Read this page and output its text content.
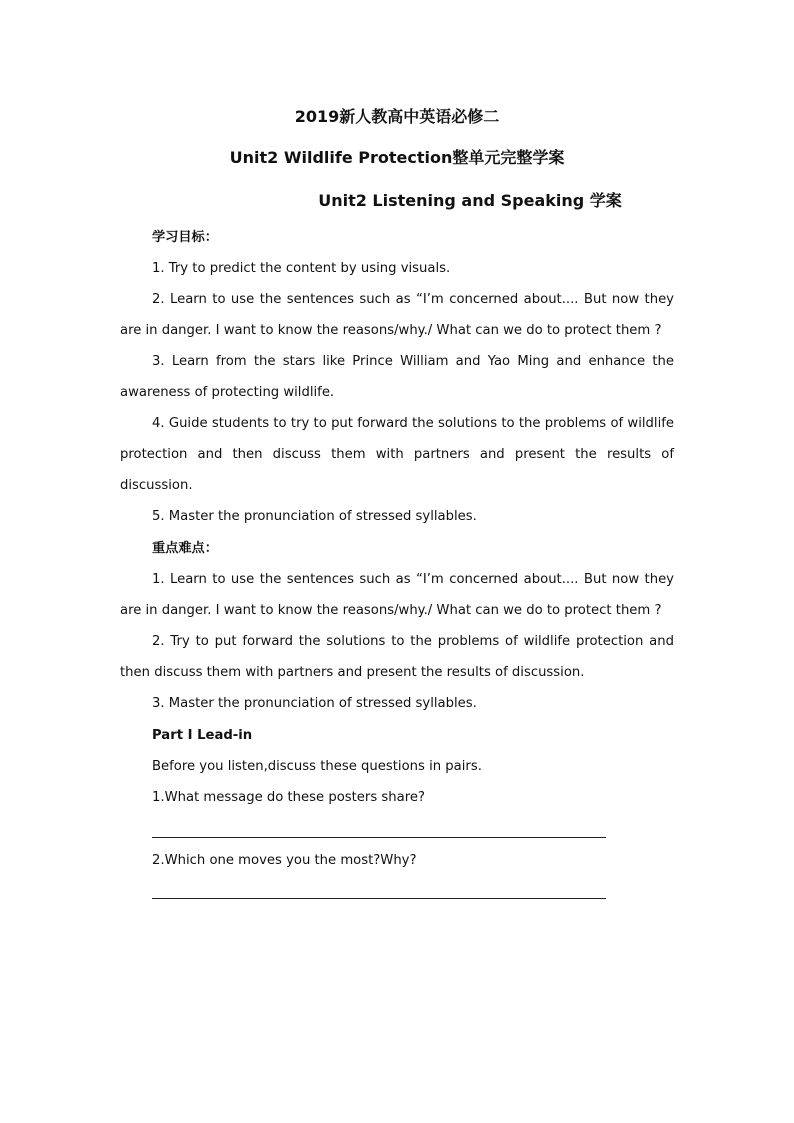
2019新人教高中英语必修二
Unit2 Wildlife Protection整单元完整学案
Unit2 Listening and Speaking 学案

学习目标：

1. Try to predict the content by using visuals.

2. Learn to use the sentences such as “I’m concerned about.... But now they are in danger. I want to know the reasons/why./ What can we do to protect them ?

3. Learn from the stars like Prince William and Yao Ming and enhance the awareness of protecting wildlife.

4. Guide students to try to put forward the solutions to the problems of wildlife protection and then discuss them with partners and present the results of discussion.

5. Master the pronunciation of stressed syllables.

重点难点：

1. Learn to use the sentences such as “I’m concerned about.... But now they are in danger. I want to know the reasons/why./ What can we do to protect them ?

2. Try to put forward the solutions to the problems of wildlife protection and then discuss them with partners and present the results of discussion.

3. Master the pronunciation of stressed syllables.

Part Ⅰ Lead-in

Before you listen,discuss these questions in pairs.

1.What message do these posters share?

2.Which one moves you the most?Why?
